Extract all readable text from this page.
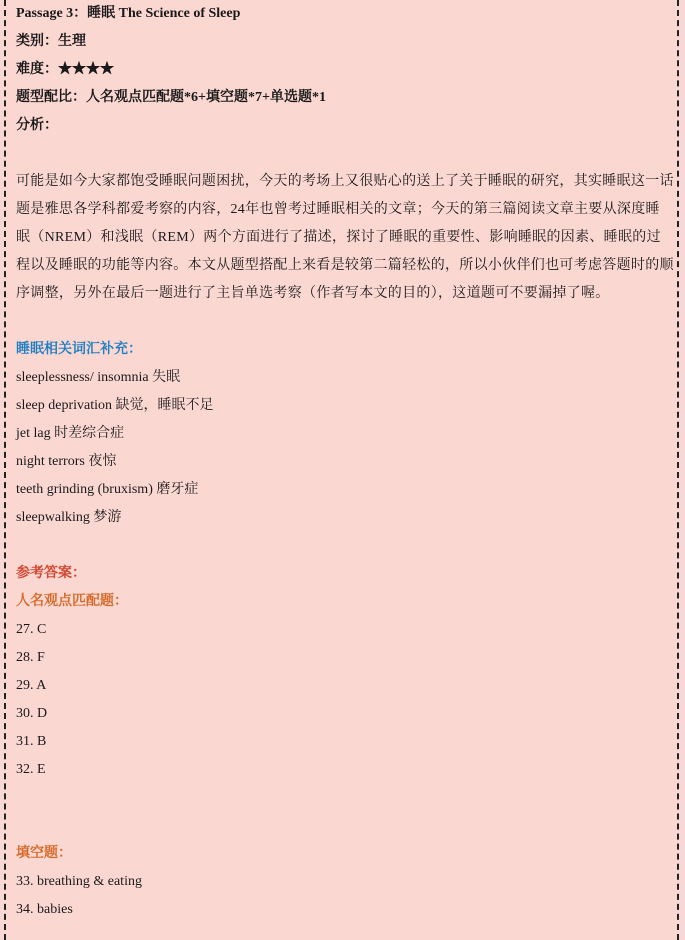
Passage 3：睡眠 The Science of Sleep
类别：生理
难度：★★★★
题型配比：人名观点匹配题*6+填空题*7+单选题*1
分析：
可能是如今大家都饱受睡眠问题困扰，今天的考场上又很贴心的送上了关于睡眠的研究，其实睡眠这一话题是雅思各学科都爱考察的内容，24年也曾考过睡眠相关的文章；今天的第三篇阅读文章主要从深度睡眠（NREM）和浅眠（REM）两个方面进行了描述，探讨了睡眠的重要性、影响睡眠的因素、睡眠的过程以及睡眠的功能等内容。本文从题型搭配上来看是较第二篇轻松的，所以小伙伴们也可考虑答题时的顺序调整，另外在最后一题进行了主旨单选考察（作者写本文的目的），这道题可不要漏掉了喔。
睡眠相关词汇补充：
sleeplessness/ insomnia 失眠
sleep deprivation 缺觉，睡眠不足
jet lag 时差综合症
night terrors 夜惊
teeth grinding (bruxism) 磨牙症
sleepwalking 梦游
参考答案：
人名观点匹配题：
27. C
28. F
29. A
30. D
31. B
32. E
填空题：
33. breathing & eating
34. babies
